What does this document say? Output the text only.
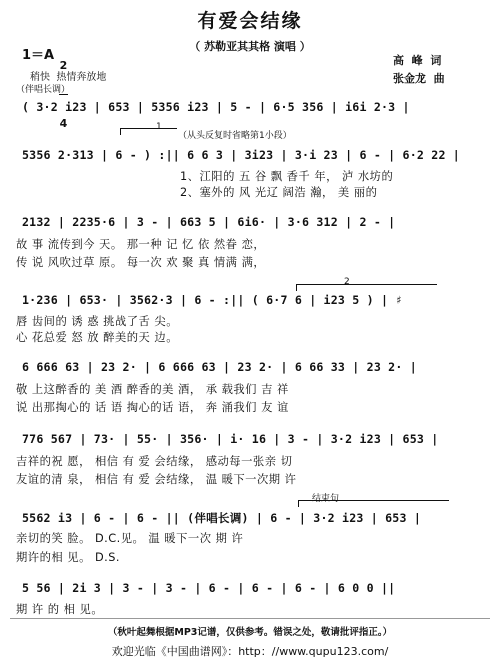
有爱会结缘
（ 苏勒亚其其格 演唱 ）
1＝A

2

4

高  峰  词
张金龙  曲
稍快  热情奔放地
（伴唱长调）
( 3·2 i23 | 653 | 5356 i23 | 5 - | 6·5 356 | i6i 2·3 |
1
（从头反复时省略第1小段）
5356 2·313 | 6 - ) :|| 6 6 3 | 3i23 | 3·i 23 | 6 - | 6·2 22 |
1、江阳的 五 谷 飘 香千 年， 泸 水坊的
2、塞外的 风 光辽 阔浩 瀚， 美 丽的
2132 | 2235·6 | 3 - | 663 5 | 6i6· | 3·6 312 | 2 - |
故 事 流传到今 天。 那一种 记 忆 依 然眷 恋，
传 说 风吹过草 原。 每一次 欢 聚 真 情满 满，
2
1·236 | 653· | 3562·3 | 6 - :|| ( 6·7 6 | i23 5 ) | ♯
唇 齿间的 诱 惑 挑战了舌 尖。
心 花总爱 怒 放 醉美的天 边。
6 666 63 | 23 2· | 6 666 63 | 23 2· | 6 66 33 | 23 2· |
敬 上这醉香的 美 酒 醉香的美 酒， 承 载我们 吉 祥
说 出那掏心的 话 语 掏心的话 语， 奔 涌我们 友 谊
776 567 | 73· | 55· | 356· | i· 16 | 3 - | 3·2 i23 | 653 |
吉祥的祝 愿， 相信 有 爱 会结缘， 感动每一张亲 切
友谊的清 泉， 相信 有 爱 会结缘， 温 暖下一次期 许
结束句
5562 i3 | 6 - | 6 - || (伴唱长调) | 6 - | 3·2 i23 | 653 |
亲切的笑 脸。 D.C.见。 温 暖下一次 期 许
期许的相 见。 D.S.
5 56 | 2i 3 | 3 - | 3 - | 6 - | 6 - | 6 - | 6 0 0 ||
期 许 的 相 见。
（秋叶起舞根据MP3记谱，仅供参考。错误之处，敬请批评指正。）
欢迎光临《中国曲谱网》：http：//www.qupu123.com/
